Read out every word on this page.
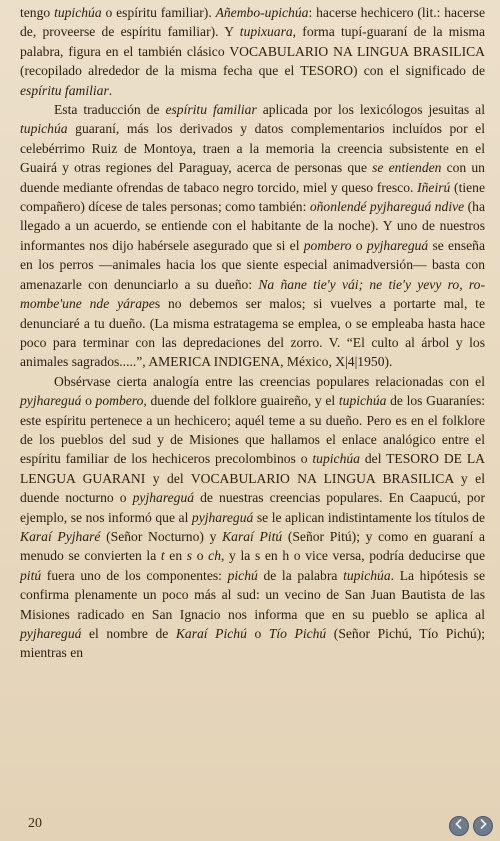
tengo tupichúa o espíritu familiar). Añembo-upichúa: hacerse hechicero (lit.: hacerse de, proveerse de espíritu familiar). Y tupixuara, forma tupí-guaraní de la misma palabra, figura en el también clásico VOCABULARIO NA LINGUA BRASILICA (recopilado alrededor de la misma fecha que el TESORO) con el significado de espíritu familiar.

Esta traducción de espíritu familiar aplicada por los lexicólogos jesuitas al tupichúa guaraní, más los derivados y datos complementarios incluídos por el celebérrimo Ruiz de Montoya, traen a la memoria la creencia subsistente en el Guairá y otras regiones del Paraguay, acerca de personas que se entienden con un duende mediante ofrendas de tabaco negro torcido, miel y queso fresco. Iñeirú (tiene compañero) dícese de tales personas; como también: oñonlendé pyjhareguá ndive (ha llegado a un acuerdo, se entiende con el habitante de la noche). Y uno de nuestros informantes nos dijo habérsele asegurado que si el pombero o pyjhareguá se enseña en los perros —animales hacia los que siente especial animadversión— basta con amenazarle con denunciarlo a su dueño: Na ñane tie'y vái; ne tie'y yevy ro, ro-mombe'une nde yárapes no debemos ser malos; si vuelves a portarte mal, te denunciaré a tu dueño. (La misma estratagema se emplea, o se empleaba hasta hace poco para terminar con las depredaciones del zorro. V. “El culto al árbol y los animales sagrados.....”, AMERICA INDIGENA, México, X|4|1950).

Obsérvase cierta analogía entre las creencias populares relacionadas con el pyjhareguá o pombero, duende del folklore guaireño, y el tupichúa de los Guaraníes: este espíritu pertenece a un hechicero; aquél teme a su dueño. Pero es en el folklore de los pueblos del sud y de Misiones que hallamos el enlace analógico entre el espíritu familiar de los hechiceros precolombinos o tupichúa del TESORO DE LA LENGUA GUARANI y del VOCABULARIO NA LINGUA BRASILICA y el duende nocturno o pyjhareguá de nuestras creencias populares. En Caapucú, por ejemplo, se nos informó que al pyjhareguá se le aplican indistintamente los títulos de Karaí Pyjharé (Señor Nocturno) y Karaí Pitú (Señor Pitú); y como en guaraní a menudo se convierten la t en s o ch, y la s en h o vice versa, podría deducirse que pitú fuera uno de los componentes: pichú de la palabra tupichúa. La hipótesis se confirma plenamente un poco más al sud: un vecino de San Juan Bautista de las Misiones radicado en San Ignacio nos informa que en su pueblo se aplica al pyjhareguá el nombre de Karaí Pichú o Tío Pichú (Señor Pichú, Tío Pichú); mientras en

20
